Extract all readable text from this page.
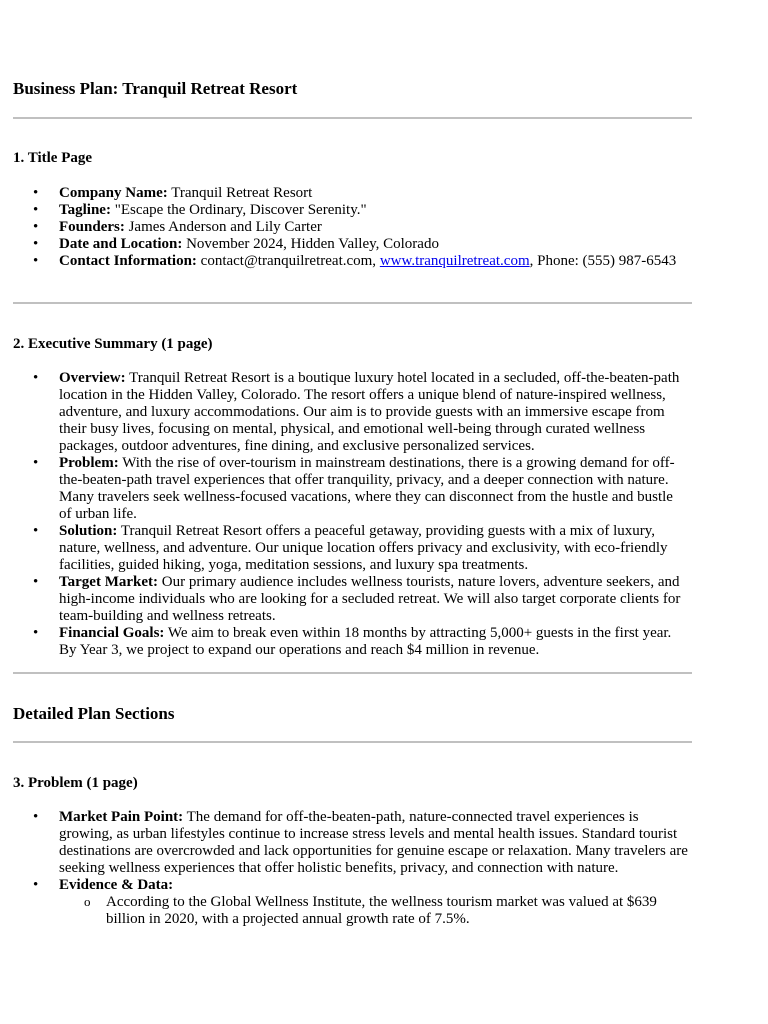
Business Plan: Tranquil Retreat Resort
1. Title Page
• Company Name: Tranquil Retreat Resort
• Tagline: "Escape the Ordinary, Discover Serenity."
• Founders: James Anderson and Lily Carter
• Date and Location: November 2024, Hidden Valley, Colorado
• Contact Information: contact@tranquilretreat.com, www.tranquilretreat.com, Phone: (555) 987-6543
2. Executive Summary (1 page)
• Overview: Tranquil Retreat Resort is a boutique luxury hotel located in a secluded, off-the-beaten-path location in the Hidden Valley, Colorado. The resort offers a unique blend of nature-inspired wellness, adventure, and luxury accommodations. Our aim is to provide guests with an immersive escape from their busy lives, focusing on mental, physical, and emotional well-being through curated wellness packages, outdoor adventures, fine dining, and exclusive personalized services.
• Problem: With the rise of over-tourism in mainstream destinations, there is a growing demand for off-the-beaten-path travel experiences that offer tranquility, privacy, and a deeper connection with nature. Many travelers seek wellness-focused vacations, where they can disconnect from the hustle and bustle of urban life.
• Solution: Tranquil Retreat Resort offers a peaceful getaway, providing guests with a mix of luxury, nature, wellness, and adventure. Our unique location offers privacy and exclusivity, with eco-friendly facilities, guided hiking, yoga, meditation sessions, and luxury spa treatments.
• Target Market: Our primary audience includes wellness tourists, nature lovers, adventure seekers, and high-income individuals who are looking for a secluded retreat. We will also target corporate clients for team-building and wellness retreats.
• Financial Goals: We aim to break even within 18 months by attracting 5,000+ guests in the first year. By Year 3, we project to expand our operations and reach $4 million in revenue.
Detailed Plan Sections
3. Problem (1 page)
• Market Pain Point: The demand for off-the-beaten-path, nature-connected travel experiences is growing, as urban lifestyles continue to increase stress levels and mental health issues. Standard tourist destinations are overcrowded and lack opportunities for genuine escape or relaxation. Many travelers are seeking wellness experiences that offer holistic benefits, privacy, and connection with nature.
• Evidence & Data:
o According to the Global Wellness Institute, the wellness tourism market was valued at $639 billion in 2020, with a projected annual growth rate of 7.5%.
